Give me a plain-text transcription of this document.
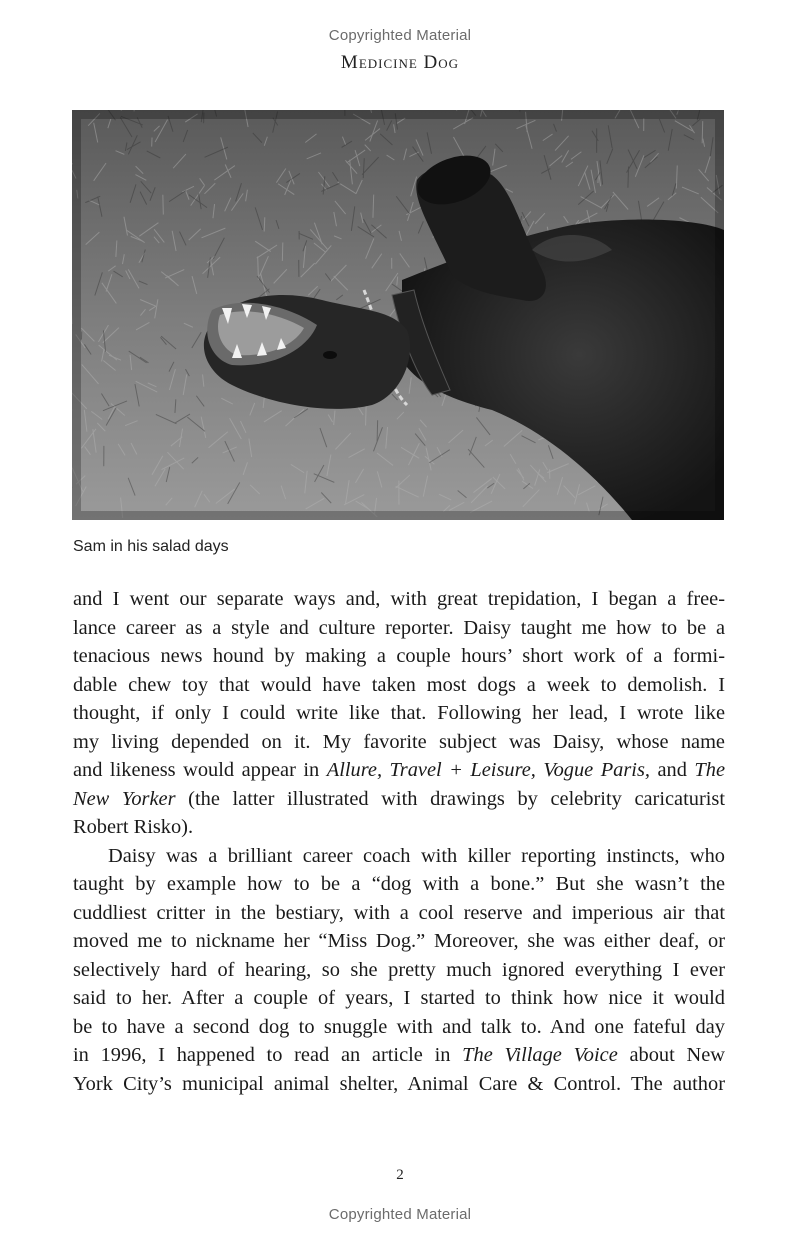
Copyrighted Material
Medicine Dog
Sam in his salad days

and I went our separate ways and, with great trepidation, I began a free-
lance career as a style and culture reporter. Daisy taught me how to be a
tenacious news hound by making a couple hours’ short work of a formi-
dable chew toy that would have taken most dogs a week to demolish. I
thought, if only I could write like that. Following her lead, I wrote like
my living depended on it. My favorite subject was Daisy, whose name
and likeness would appear in Allure, Travel + Leisure, Vogue Paris, and The
New Yorker (the latter illustrated with drawings by celebrity caricaturist
Robert Risko).

Daisy was a brilliant career coach with killer reporting instincts, who
taught by example how to be a “dog with a bone.” But she wasn’t the
cuddliest critter in the bestiary, with a cool reserve and imperious air that
moved me to nickname her “Miss Dog.” Moreover, she was either deaf, or
selectively hard of hearing, so she pretty much ignored everything I ever
said to her. After a couple of years, I started to think how nice it would
be to have a second dog to snuggle with and talk to. And one fateful day
in 1996, I happened to read an article in The Village Voice about New
York City’s municipal animal shelter, Animal Care & Control. The author

2
Copyrighted Material
